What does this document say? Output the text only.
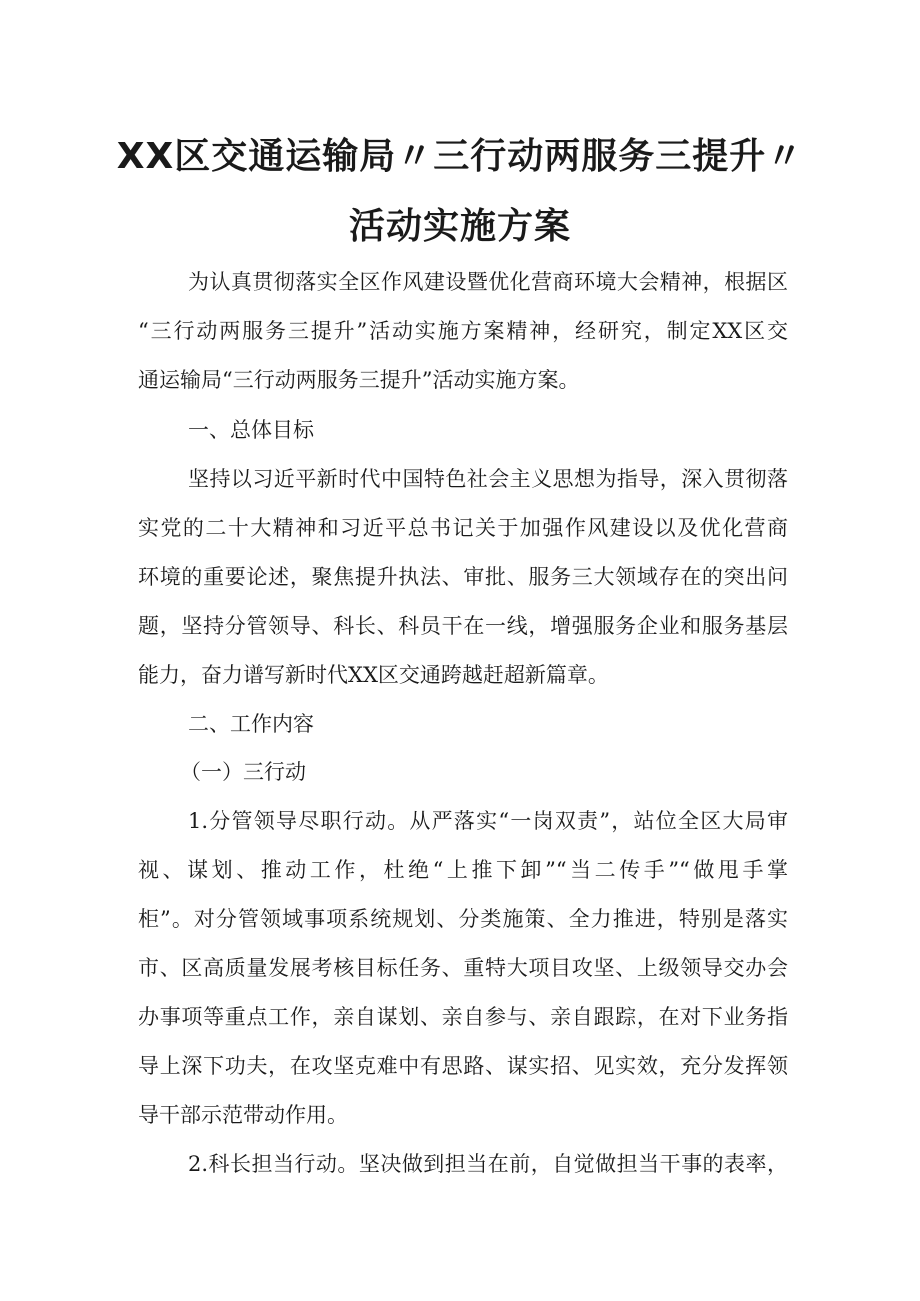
XX区交通运输局〃三行动两服务三提升〃
活动实施方案

为认真贯彻落实全区作风建设暨优化营商环境大会精神，根据区

“三行动两服务三提升”活动实施方案精神，经研究，制定XX区交

通运输局“三行动两服务三提升”活动实施方案。

一、总体目标

坚持以习近平新时代中国特色社会主义思想为指导，深入贯彻落

实党的二十大精神和习近平总书记关于加强作风建设以及优化营商

环境的重要论述，聚焦提升执法、审批、服务三大领域存在的突出问

题，坚持分管领导、科长、科员干在一线，增强服务企业和服务基层

能力，奋力谱写新时代XX区交通跨越赶超新篇章。

二、工作内容

（一）三行动

1.分管领导尽职行动。从严落实“一岗双责”，站位全区大局审

视、谋划、推动工作，杜绝“上推下卸”“当二传手”“做甩手掌

柜”。对分管领域事项系统规划、分类施策、全力推进，特别是落实

市、区高质量发展考核目标任务、重特大项目攻坚、上级领导交办会

办事项等重点工作，亲自谋划、亲自参与、亲自跟踪，在对下业务指

导上深下功夫，在攻坚克难中有思路、谋实招、见实效，充分发挥领

导干部示范带动作用。

2.科长担当行动。坚决做到担当在前，自觉做担当干事的表率，
